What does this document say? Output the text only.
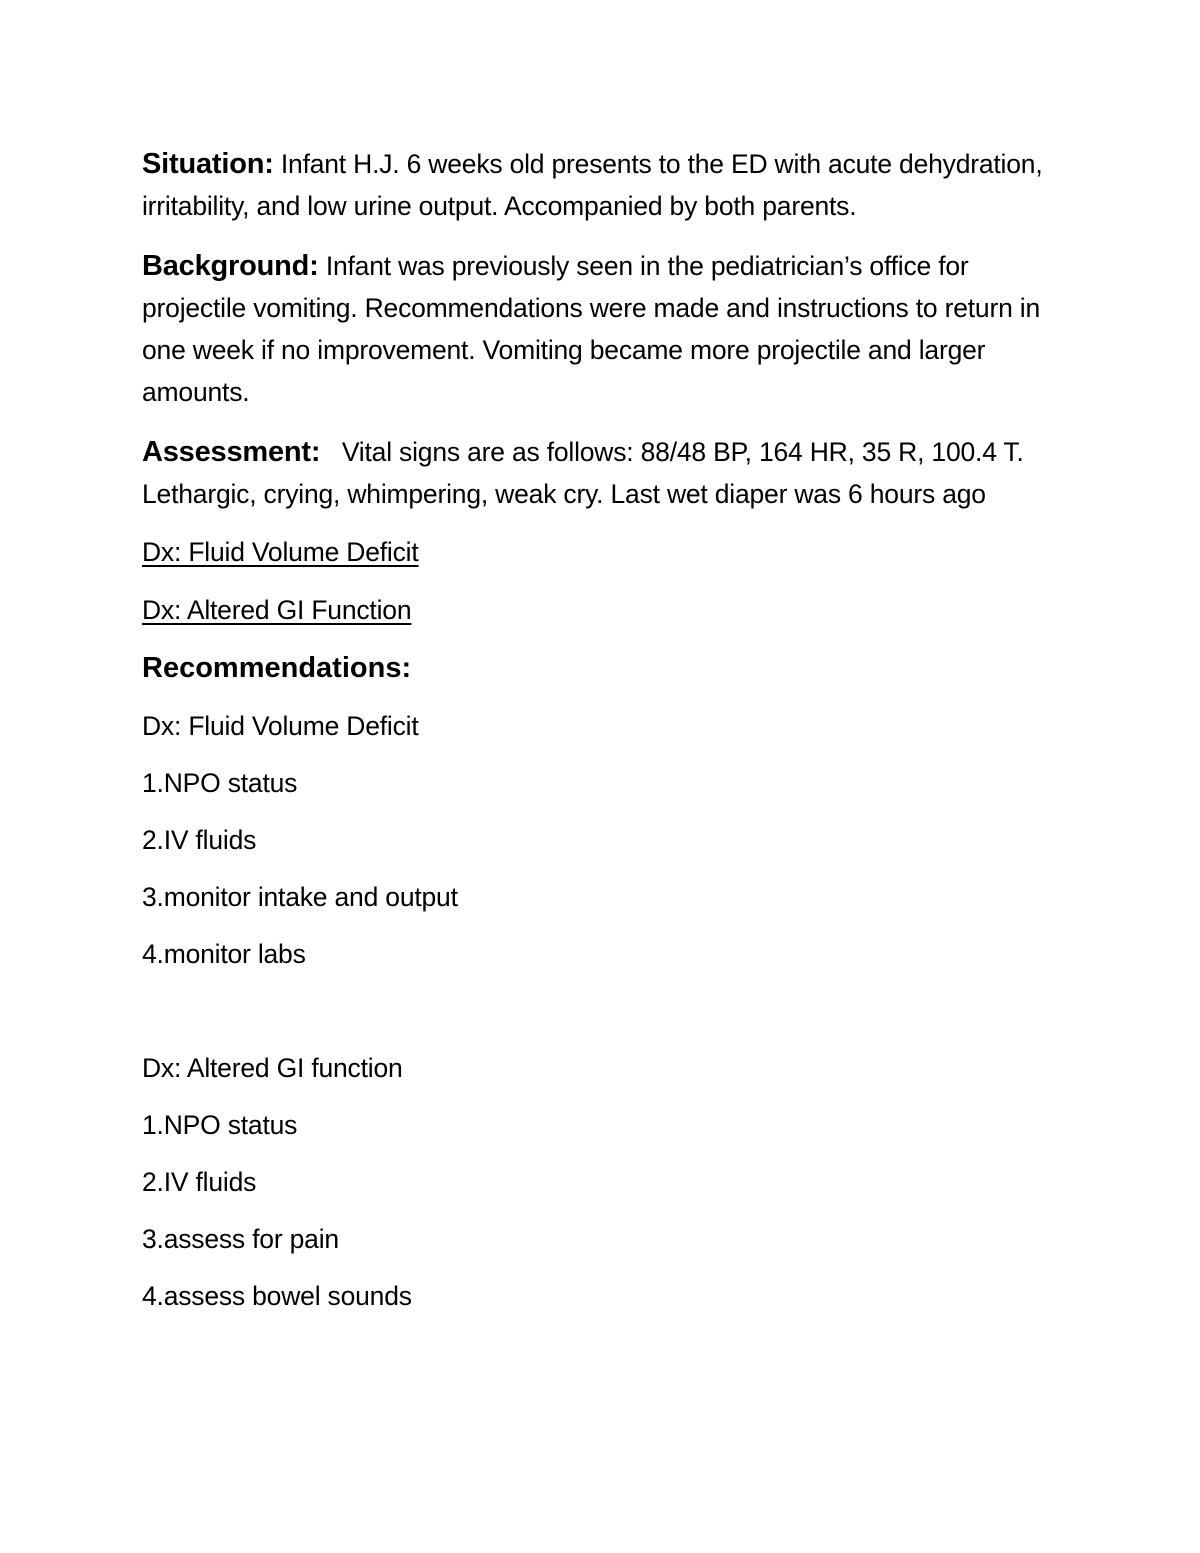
Situation: Infant H.J. 6 weeks old presents to the ED with acute dehydration, irritability, and low urine output. Accompanied by both parents.

Background: Infant was previously seen in the pediatrician’s office for projectile vomiting. Recommendations were made and instructions to return in one week if no improvement. Vomiting became more projectile and larger amounts.

Assessment:   Vital signs are as follows: 88/48 BP, 164 HR, 35 R, 100.4 T.  Lethargic, crying, whimpering, weak cry. Last wet diaper was 6 hours ago

Dx: Fluid Volume Deficit

Dx: Altered GI Function

Recommendations:

Dx: Fluid Volume Deficit

1.NPO status

2.IV fluids

3.monitor intake and output

4.monitor labs

Dx: Altered GI function

1.NPO status

2.IV fluids

3.assess for pain

4.assess bowel sounds
